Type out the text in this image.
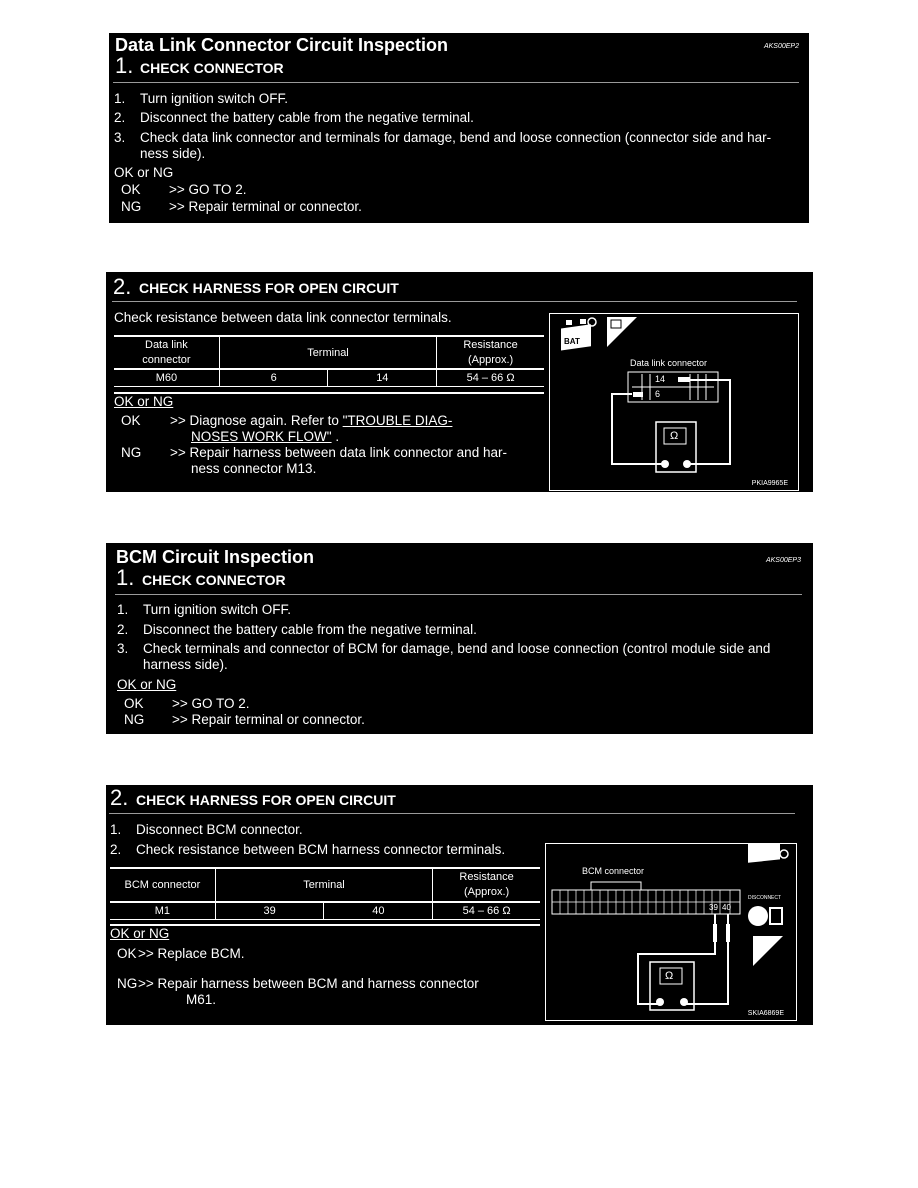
Data Link Connector Circuit Inspection	AKS00EP2
1. CHECK CONNECTOR
1. Turn ignition switch OFF.
2. Disconnect the battery cable from the negative terminal.
3. Check data link connector and terminals for damage, bend and loose connection (connector side and har-
ness side).
OK or NG
OK >> GO TO 2.
NG >> Repair terminal or connector.
2. CHECK HARNESS FOR OPEN CIRCUIT
Check resistance between data link connector terminals.
Data link
connector	Terminal		Resistance
(Approx.)
M60	6	14	54 – 66 Ω
OK or NG
OK >> Diagnose again. Refer to "TROUBLE DIAG-
NOSES WORK FLOW" .
NG >> Repair harness between data link connector and har-
ness connector M13.
BAT	T.S.
Data link connector
14
6
Ω
PKIA9965E
BCM Circuit Inspection	AKS00EP3
1. CHECK CONNECTOR
1. Turn ignition switch OFF.
2. Disconnect the battery cable from the negative terminal.
3. Check terminals and connector of BCM for damage, bend and loose connection (control module side and
harness side).
OK or NG
OK >> GO TO 2.
NG >> Repair terminal or connector.
2. CHECK HARNESS FOR OPEN CIRCUIT
1. Disconnect BCM connector.
2. Check resistance between BCM harness connector terminals.
BCM connector	Terminal		Resistance
(Approx.)
M1	39	40	54 – 66 Ω
OK or NG
OK >> Replace BCM.
NG >> Repair harness between BCM and harness connector
M61.
BCM connector
39 40
Ω
BAT
DISCONNECT
H.S.
SKIA6869E
